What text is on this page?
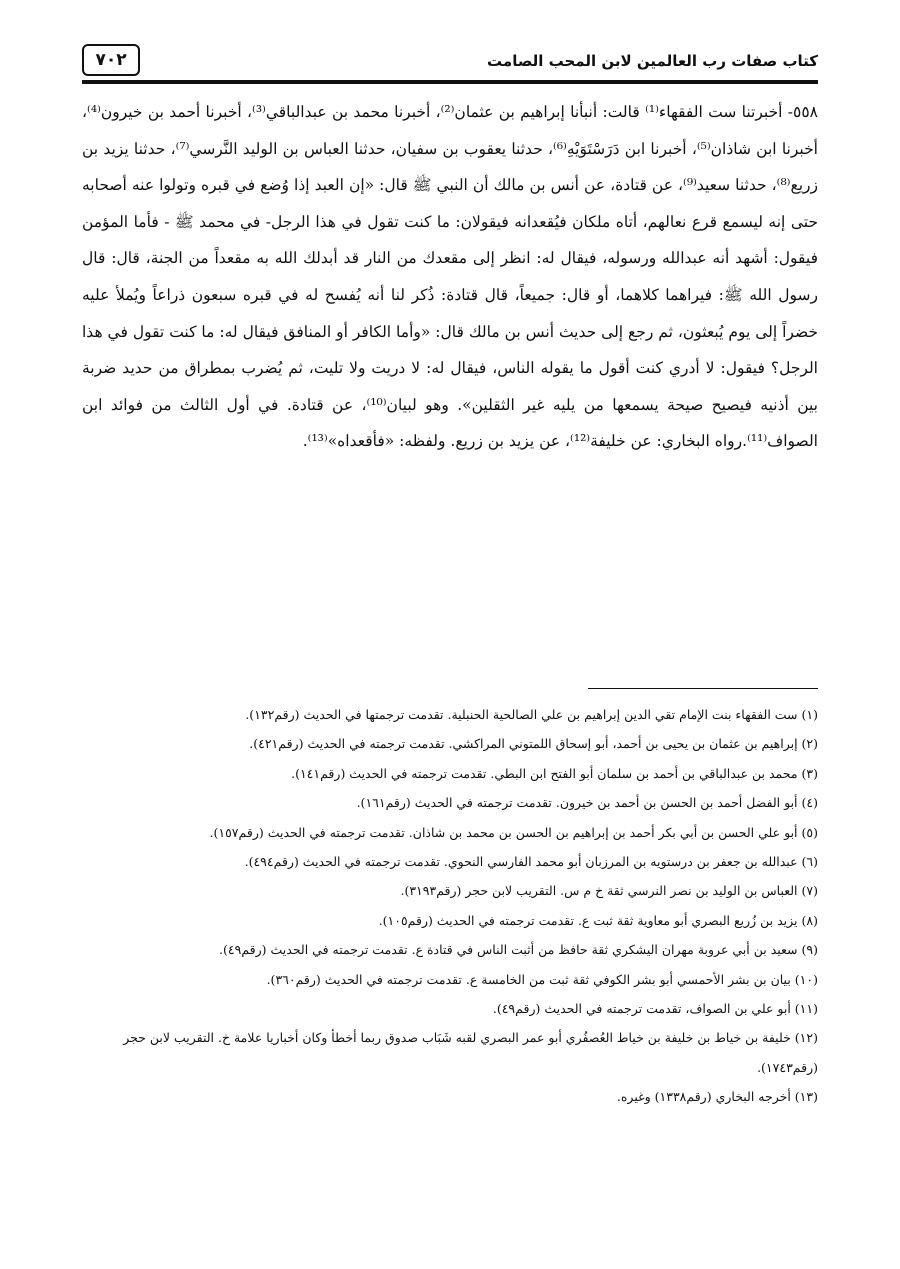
كتاب صفات رب العالمين لابن المحب الصامت
٧٠٢

٥٥٨- أخبرتنا ست الفقهاء⁽¹⁾ قالت: أنبأنا إبراهيم بن عثمان⁽²⁾، أخبرنا محمد بن عبدالباقي⁽³⁾، أخبرنا أحمد بن خيرون⁽⁴⁾، أخبرنا ابن شاذان⁽⁵⁾، أخبرنا ابن دَرَسْتَوَيْهِ⁽⁶⁾، حدثنا يعقوب بن سفيان، حدثنا العباس بن الوليد النَّرسي⁽⁷⁾، حدثنا يزيد بن زريع⁽⁸⁾، حدثنا سعيد⁽⁹⁾، عن قتادة، عن أنس بن مالك أن النبي ﷺ قال: «إن العبد إذا وُضع في قبره وتولوا عنه أصحابه حتى إنه ليسمع قرع نعالهم، أتاه ملكان فيُقعدانه فيقولان: ما كنت تقول في هذا الرجل- في محمد ﷺ - فأما المؤمن فيقول: أشهد أنه عبدالله ورسوله، فيقال له: انظر إلى مقعدك من النار قد أبدلك الله به مقعداً من الجنة، قال: قال رسول الله ﷺ: فيراهما كلاهما، أو قال: جميعاً، قال قتادة: ذُكر لنا أنه يُفسح له في قبره سبعون ذراعاً ويُملأ عليه خضراً إلى يوم يُبعثون، ثم رجع إلى حديث أنس بن مالك قال: «وأما الكافر أو المنافق فيقال له: ما كنت تقول في هذا الرجل؟ فيقول: لا أدري كنت أقول ما يقوله الناس، فيقال له: لا دريت ولا تليت، ثم يُضرب بمطراق من حديد ضربة بين أذنيه فيصيح صيحة يسمعها من يليه غير الثقلين». وهو لبيان⁽¹⁰⁾، عن قتادة. في أول الثالث من فوائد ابن الصواف⁽¹¹⁾.رواه البخاري: عن خليفة⁽¹²⁾، عن يزيد بن زريع. ولفظه: «فأقعداه»⁽¹³⁾.

(١) ست الفقهاء بنت الإمام تقي الدين إبراهيم بن علي الصالحية الحنبلية. تقدمت ترجمتها في الحديث (رقم١٣٢).

(٢) إبراهيم بن عثمان بن يحيى بن أحمد، أبو إسحاق اللمتوني المراكشي. تقدمت ترجمته في الحديث (رقم٤٢١).

(٣) محمد بن عبدالباقي بن أحمد بن سلمان أبو الفتح ابن البطي. تقدمت ترجمته في الحديث (رقم١٤١).

(٤) أبو الفضل أحمد بن الحسن بن أحمد بن خيرون. تقدمت ترجمته في الحديث (رقم١٦١).

(٥) أبو علي الحسن بن أبي بكر أحمد بن إبراهيم بن الحسن بن محمد بن شاذان. تقدمت ترجمته في الحديث (رقم١٥٧).

(٦) عبدالله بن جعفر بن درستويه بن المرزبان أبو محمد الفارسي النحوي. تقدمت ترجمته في الحديث (رقم٤٩٤).

(٧) العباس بن الوليد بن نصر النرسي ثقة خ م س. التقريب لابن حجر (رقم٣١٩٣).

(٨) يزيد بن زُريع البصري أبو معاوية ثقة ثبت ع. تقدمت ترجمته في الحديث (رقم١٠٥).

(٩) سعيد بن أبي عروبة مهران اليشكري ثقة حافظ من أثبت الناس في قتادة ع. تقدمت ترجمته في الحديث (رقم٤٩).

(١٠) بيان بن بشر الأحمسي أبو بشر الكوفي ثقة ثبت من الخامسة ع. تقدمت ترجمته في الحديث (رقم٣٦٠).

(١١) أبو علي بن الصواف، تقدمت ترجمته في الحديث (رقم٤٩).

(١٢) خليفة بن خياط بن خليفة بن خياط العُصفُري أبو عمر البصري لقبه شَبَاب صدوق ربما أخطأ وكان أخباريا علامة خ. التقريب لابن حجر (رقم١٧٤٣).

(١٣) أخرجه البخاري (رقم١٣٣٨) وغيره.
